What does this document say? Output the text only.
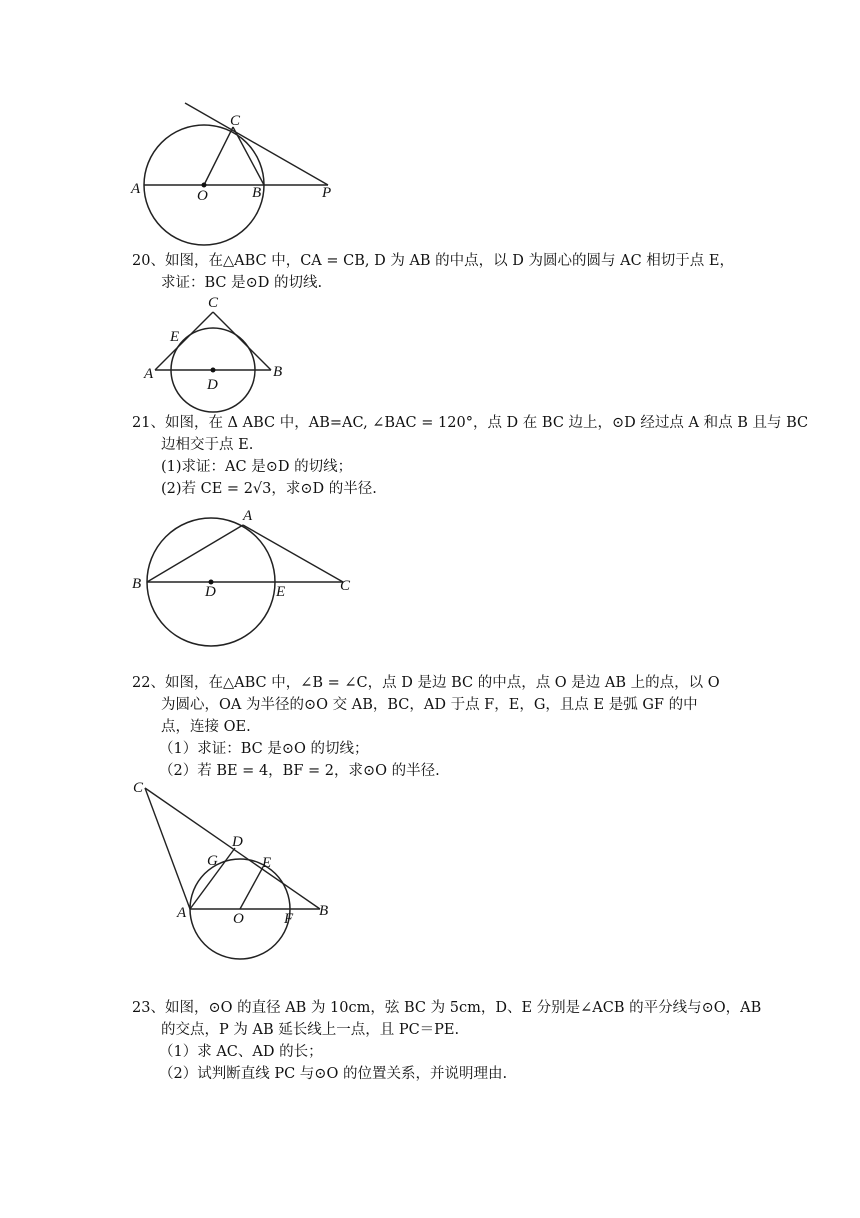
C
A	O	B	P
20、如图，在△ABC 中，CA = CB, D 为 AB 的中点，以 D 为圆心的圆与 AC 相切于点 E，
求证：BC 是⊙D 的切线.
C
E
A
D
B
21、如图，在 Δ ABC 中，AB=AC, ∠BAC = 120°，点 D 在 BC 边上，⊙D 经过点 A 和点 B 且与 BC
边相交于点 E.
(1)求证：AC 是⊙D 的切线；
(2)若 CE = 2√3，求⊙D 的半径.
A
B	D	E	C
22、如图，在△ABC 中，∠B = ∠C，点 D 是边 BC 的中点，点 O 是边 AB 上的点，以 O
为圆心，OA 为半径的⊙O 交 AB，BC，AD 于点 F，E，G，且点 E 是弧 GF 的中
点，连接 OE.
（1）求证：BC 是⊙O 的切线；
（2）若 BE = 4，BF = 2，求⊙O 的半径.
C
D
G	E
A	O	F B
23、如图，⊙O 的直径 AB 为 10cm，弦 BC 为 5cm，D、E 分别是∠ACB 的平分线与⊙O，AB
的交点，P 为 AB 延长线上一点，且 PC＝PE.
（1）求 AC、AD 的长；
（2）试判断直线 PC 与⊙O 的位置关系，并说明理由.
